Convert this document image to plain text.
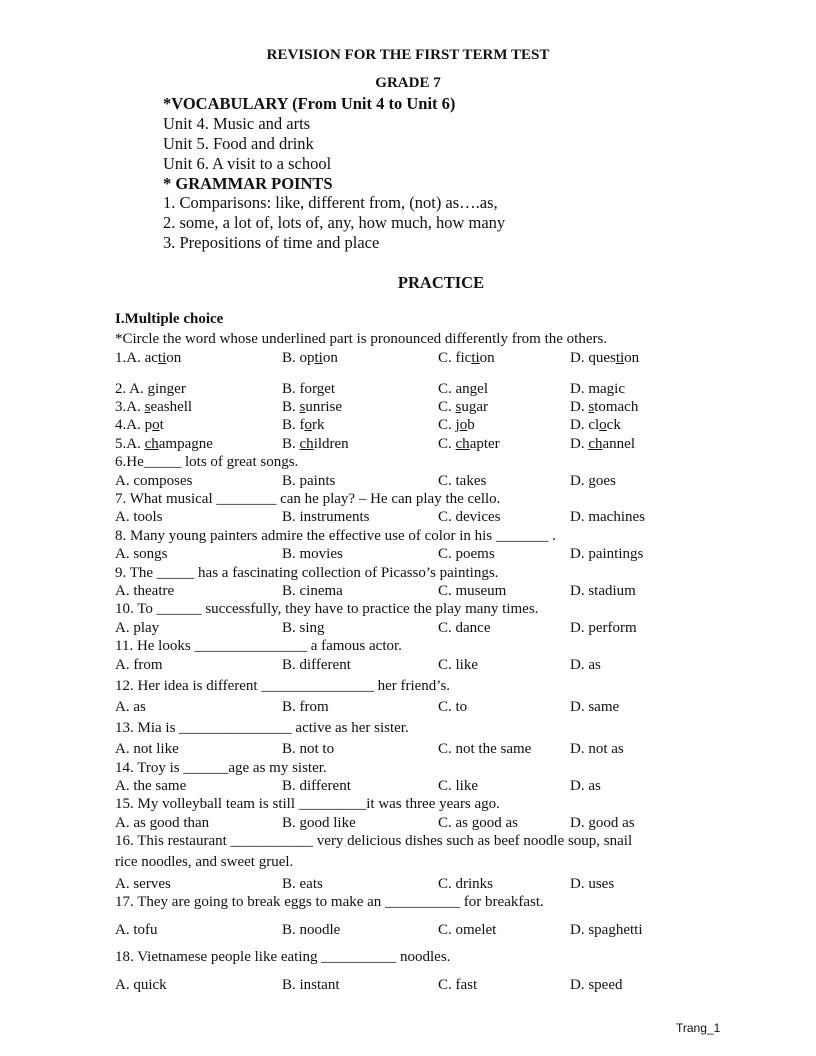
REVISION FOR THE FIRST TERM TEST
GRADE 7
*VOCABULARY (From Unit 4 to Unit 6)
Unit 4. Music and arts
Unit 5. Food and drink
Unit 6. A visit to a school
* GRAMMAR POINTS
1. Comparisons: like, different from, (not) as….as,
2. some, a lot of, lots of, any, how much, how many
3. Prepositions of time and place
PRACTICE
I.Multiple choice
*Circle the word whose underlined part is pronounced differently from the others.
1.A. action	B. option	C. fiction	D. question
2. A. ginger	B. forget	C. angel	D. magic
3.A. seashell	B. sunrise	C. sugar	D. stomach
4.A. pot	B. fork	C. job	D. clock
5.A. champagne	B. children	C. chapter	D. channel
6.He_____ lots of great songs.
A. composes	B. paints	C. takes	D. goes
7. What musical ________ can he play? – He can play the cello.
A. tools	B. instruments	C. devices	D. machines
8. Many young painters admire the effective use of color in his _______ .
A. songs	B. movies	C. poems	D. paintings
9. The _____ has a fascinating collection of Picasso’s paintings.
A. theatre	B. cinema	C. museum	D. stadium
10. To ______ successfully, they have to practice the play many times.
A. play	B. sing	C. dance	D. perform
11. He looks _______________ a famous actor.
A. from	B. different	C. like	D. as
12. Her idea is different _______________ her friend’s.
A. as	B. from	C. to	D. same
13. Mia is _______________ active as her sister.
A. not like	B. not to	C. not the same	D. not as
14. Troy is ______age as my sister.
A. the same	B. different	C. like	D. as
15. My volleyball team is still _________it was three years ago.
A. as good than	B. good like	C. as good as	D. good as
16. This restaurant ___________ very delicious dishes such as beef noodle soup, snail
rice noodles, and sweet gruel.
A. serves	B. eats	C. drinks	D. uses
17. They are going to break eggs to make an __________ for breakfast.
A. tofu	B. noodle	C. omelet	D. spaghetti
18. Vietnamese people like eating __________ noodles.
A. quick	B. instant	C. fast	D. speed
Trang_1
